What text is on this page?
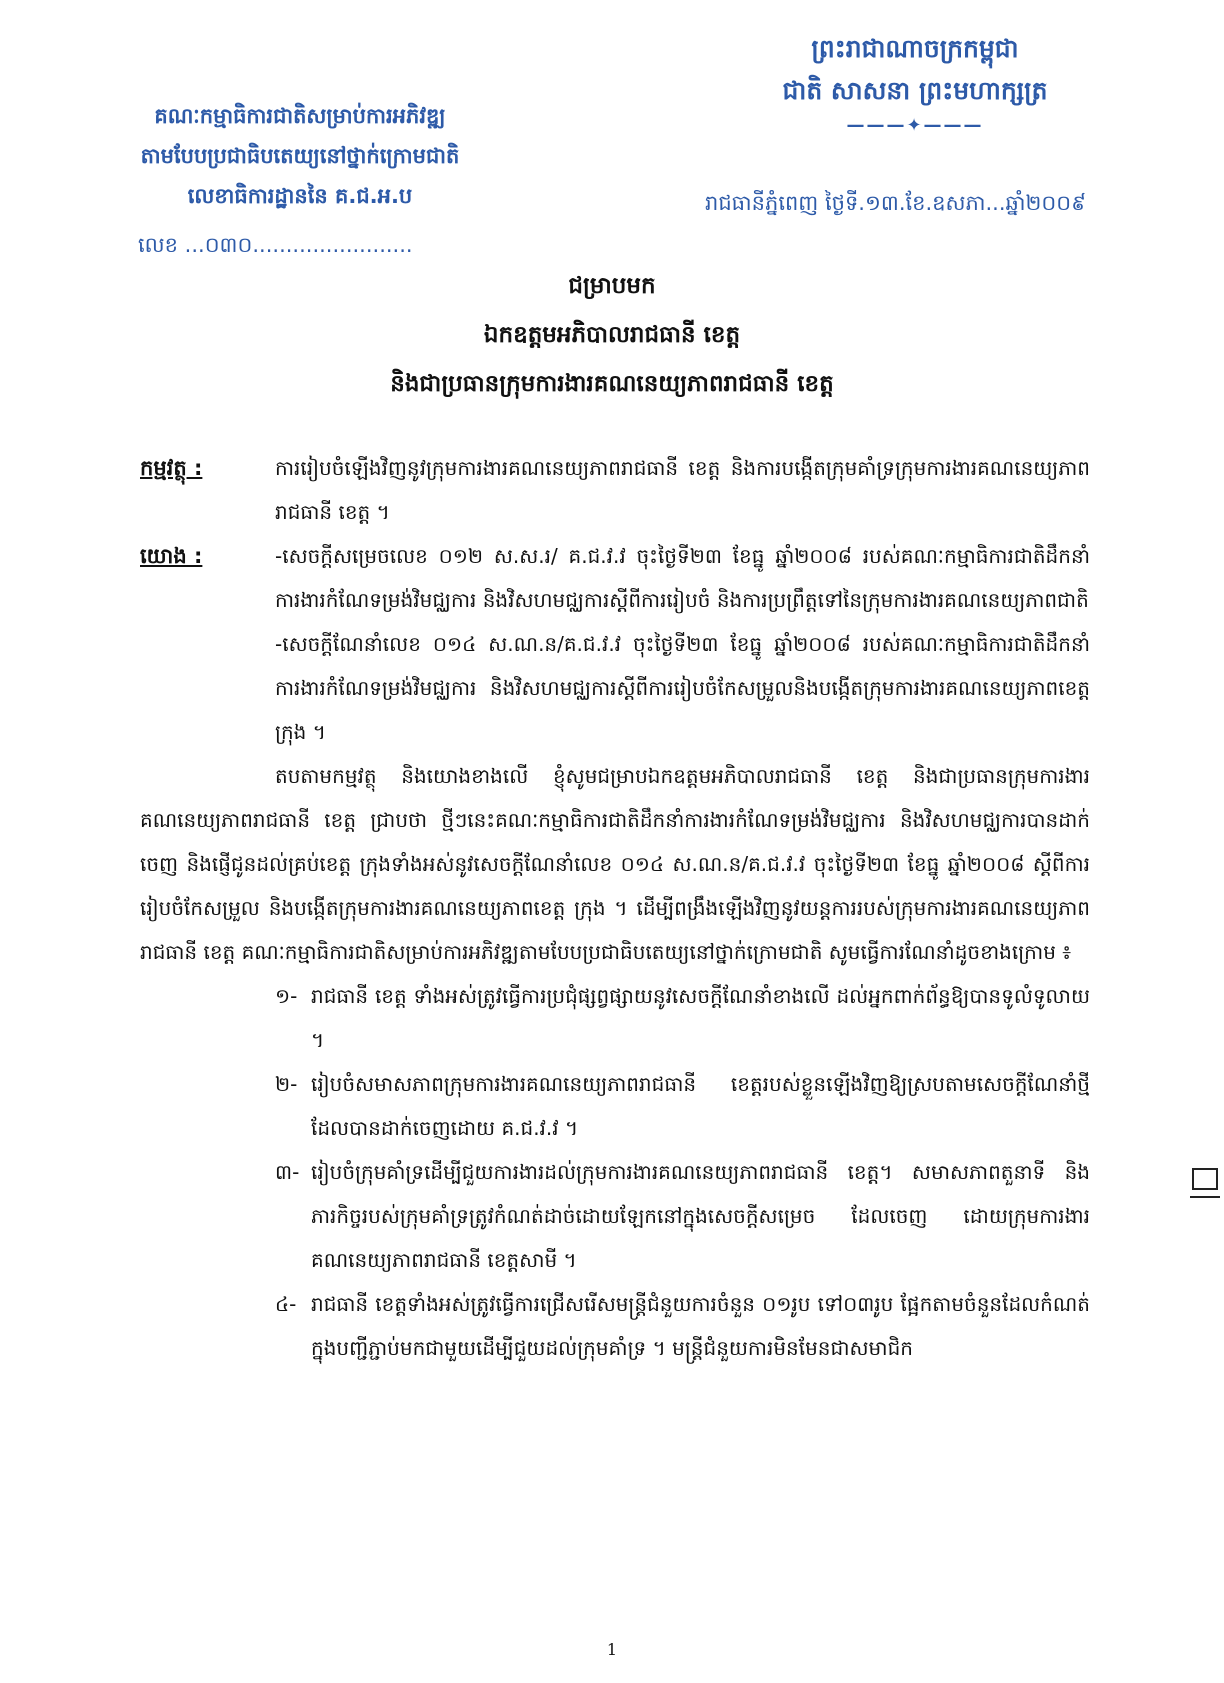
ព្រះរាជាណាចក្រកម្ពុជា
ជាតិ សាសនា ព្រះមហាក្សត្រ
———✦———
គណៈកម្មាធិការជាតិសម្រាប់ការអភិវឌ្ឍ
តាមបែបប្រជាធិបតេយ្យនៅថ្នាក់ក្រោមជាតិ
លេខាធិការដ្ឋាននៃ គ.ជ.អ.ប
លេខ ...០៣០........................
រាជធានីភ្នំពេញ ថ្ងៃទី.១៣.ខែ.ឧសភា...ឆ្នាំ២០០៩
ជម្រាបមក
ឯកឧត្តមអភិបាលរាជធានី ខេត្ត
និងជាប្រធានក្រុមការងារគណនេយ្យភាពរាជធានី ខេត្ត
កម្មវត្ថុ :	ការរៀបចំឡើងវិញនូវក្រុមការងារគណនេយ្យភាពរាជធានី ខេត្ត និងការបង្កើតក្រុមគាំទ្រក្រុមការងារគណនេយ្យភាពរាជធានី ខេត្ត ។
យោង :	-សេចក្តីសម្រេចលេខ ០១២ ស.ស.រ/ គ.ជ.វ.វ ចុះថ្ងៃទី២៣ ខែធ្នូ ឆ្នាំ២០០៨ របស់គណៈកម្មាធិការជាតិដឹកនាំការងារកំណែទម្រង់វិមជ្ឈការ និងវិសហមជ្ឈការស្តីពីការរៀបចំ និងការប្រព្រឹត្តទៅនៃក្រុមការងារគណនេយ្យភាពជាតិ
-សេចក្តីណែនាំលេខ ០១៤ ស.ណ.ន/គ.ជ.វ.វ ចុះថ្ងៃទី២៣ ខែធ្នូ ឆ្នាំ២០០៨ របស់គណៈកម្មាធិការជាតិដឹកនាំការងារកំណែទម្រង់វិមជ្ឈការ និងវិសហមជ្ឈការស្តីពីការរៀបចំកែសម្រួលនិងបង្កើតក្រុមការងារគណនេយ្យភាពខេត្ត ក្រុង ។
តបតាមកម្មវត្ថុ និងយោងខាងលើ ខ្ញុំសូមជម្រាបឯកឧត្តមអភិបាលរាជធានី ខេត្ត និងជាប្រធានក្រុមការងារគណនេយ្យភាពរាជធានី ខេត្ត ជ្រាបថា ថ្មីៗនេះគណៈកម្មាធិការជាតិដឹកនាំការងារកំណែទម្រង់វិមជ្ឈការ និងវិសហមជ្ឈការបានដាក់ចេញ និងផ្ញើជូនដល់គ្រប់ខេត្ត ក្រុងទាំងអស់នូវសេចក្តីណែនាំលេខ ០១៤ ស.ណ.ន/គ.ជ.វ.វ ចុះថ្ងៃទី២៣ ខែធ្នូ ឆ្នាំ២០០៨ ស្តីពីការរៀបចំកែសម្រួល និងបង្កើតក្រុមការងារគណនេយ្យភាពខេត្ត ក្រុង ។ ដើម្បីពង្រឹងឡើងវិញនូវយន្តការរបស់ក្រុមការងារគណនេយ្យភាពរាជធានី ខេត្ត គណៈកម្មាធិការជាតិសម្រាប់ការអភិវឌ្ឍតាមបែបប្រជាធិបតេយ្យនៅថ្នាក់ក្រោមជាតិ សូមធ្វើការណែនាំដូចខាងក្រោម ៖
១- រាជធានី ខេត្ត ទាំងអស់ត្រូវធ្វើការប្រជុំផ្សព្វផ្សាយនូវសេចក្តីណែនាំខាងលើ ដល់អ្នកពាក់ព័ន្ធឱ្យបានទូលំទូលាយ ។
២- រៀបចំសមាសភាពក្រុមការងារគណនេយ្យភាពរាជធានី ខេត្តរបស់ខ្លួនឡើងវិញឱ្យស្របតាមសេចក្តីណែនាំថ្មីដែលបានដាក់ចេញដោយ គ.ជ.វ.វ ។
៣- រៀបចំក្រុមគាំទ្រដើម្បីជួយការងារដល់ក្រុមការងារគណនេយ្យភាពរាជធានី ខេត្ត។ សមាសភាពតួនាទី និងភារកិច្ចរបស់ក្រុមគាំទ្រត្រូវកំណត់ដាច់ដោយឡែកនៅក្នុងសេចក្តីសម្រេច ដែលចេញ ដោយក្រុមការងារគណនេយ្យភាពរាជធានី ខេត្តសាមី ។
៤- រាជធានី ខេត្តទាំងអស់ត្រូវធ្វើការជ្រើសរើសមន្ត្រីជំនួយការចំនួន ០១រូប ទៅ០៣រូប ផ្អែកតាមចំនួនដែលកំណត់ក្នុងបញ្ជីភ្ជាប់មកជាមួយដើម្បីជួយដល់ក្រុមគាំទ្រ ។ មន្ត្រីជំនួយការមិនមែនជាសមាជិក
1
